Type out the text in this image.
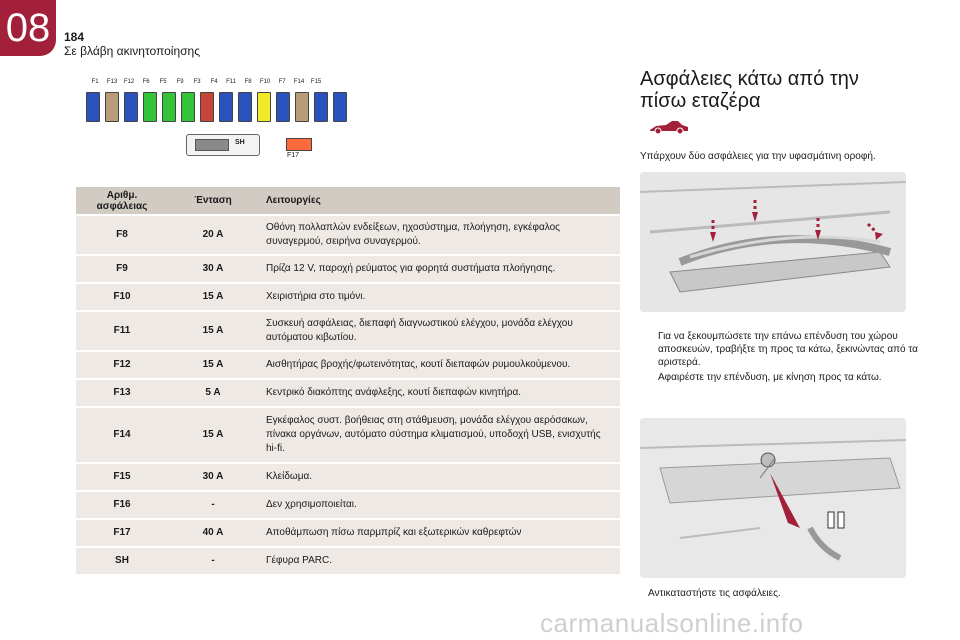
08	184
Σε βλάβη ακινητοποίησης
F1	F13	F12	F6	F5	F9	F3	F4	F11	F8	F10	F7	F14	F15
SH
F17
Αριθμ. ασφάλειας	Ένταση	Λειτουργίες
F8	20 A	Οθόνη πολλαπλών ενδείξεων, ηχοσύστημα, πλοήγηση, εγκέφαλος συναγερμού, σειρήνα συναγερμού.
F9	30 A	Πρίζα 12 V, παροχή ρεύματος για φορητά συστήματα πλοήγησης.
F10	15 A	Χειριστήρια στο τιμόνι.
F11	15 A	Συσκευή ασφάλειας, διεπαφή διαγνωστικού ελέγχου, μονάδα ελέγχου αυτόματου κιβωτίου.
F12	15 A	Αισθητήρας βροχής/φωτεινότητας, κουτί διεπαφών ρυμουλκούμενου.
F13	5 A	Κεντρικό διακόπτης ανάφλεξης, κουτί διεπαφών κινητήρα.
F14	15 A	Εγκέφαλος συστ. βοήθειας στη στάθμευση, μονάδα ελέγχου αερόσακων, πίνακα οργάνων, αυτόματο σύστημα κλιματισμού, υποδοχή USB, ενισχυτής hi-fi.
F15	30 A	Κλείδωμα.
F16	-	Δεν χρησιμοποιείται.
F17	40 A	Αποθάμπωση πίσω παρμπρίζ και εξωτερικών καθρεφτών
SH	-	Γέφυρα PARC.
Ασφάλειες κάτω από την
πίσω εταζέρα
Υπάρχουν δύο ασφάλειες για την υφασμάτινη οροφή.
Για να ξεκουμπώσετε την επάνω επένδυση του χώρου αποσκευών, τραβήξτε τη προς τα κάτω, ξεκινώντας από τα αριστερά.
Αφαιρέστε την επένδυση, με κίνηση προς τα κάτω.
Αντικαταστήστε τις ασφάλειες.
carmanualsonline.info
